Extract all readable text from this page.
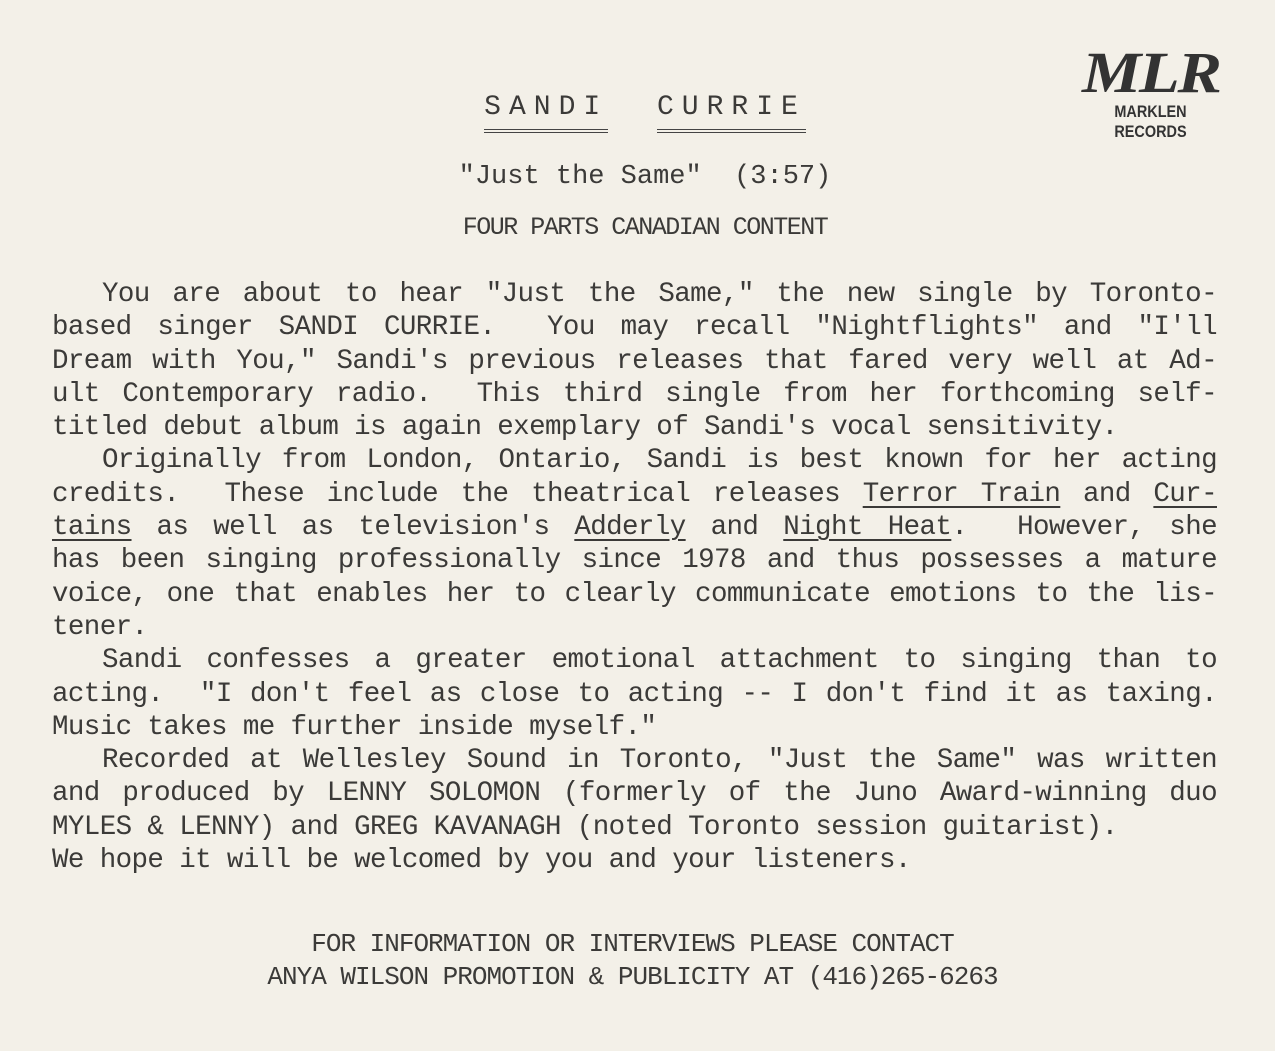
MLR
MARKLEN RECORDS
SANDI CURRIE
"Just the Same"  (3:57)
FOUR PARTS CANADIAN CONTENT
You are about to hear "Just the Same," the new single by Toronto-
based singer SANDI CURRIE.  You may recall "Nightflights" and "I'll
Dream with You," Sandi's previous releases that fared very well at Ad-
ult Contemporary radio.  This third single from her forthcoming self-
titled debut album is again exemplary of Sandi's vocal sensitivity.
Originally from London, Ontario, Sandi is best known for her acting
credits.  These include the theatrical releases Terror Train and Cur-
tains as well as television's Adderly and Night Heat.  However, she
has been singing professionally since 1978 and thus possesses a mature
voice, one that enables her to clearly communicate emotions to the lis-
tener.
Sandi confesses a greater emotional attachment to singing than to
acting.  "I don't feel as close to acting -- I don't find it as taxing.
Music takes me further inside myself."
Recorded at Wellesley Sound in Toronto, "Just the Same" was written
and produced by LENNY SOLOMON (formerly of the Juno Award-winning duo
MYLES & LENNY) and GREG KAVANAGH (noted Toronto session guitarist).
We hope it will be welcomed by you and your listeners.
FOR INFORMATION OR INTERVIEWS PLEASE CONTACT
ANYA WILSON PROMOTION & PUBLICITY AT (416)265-6263
